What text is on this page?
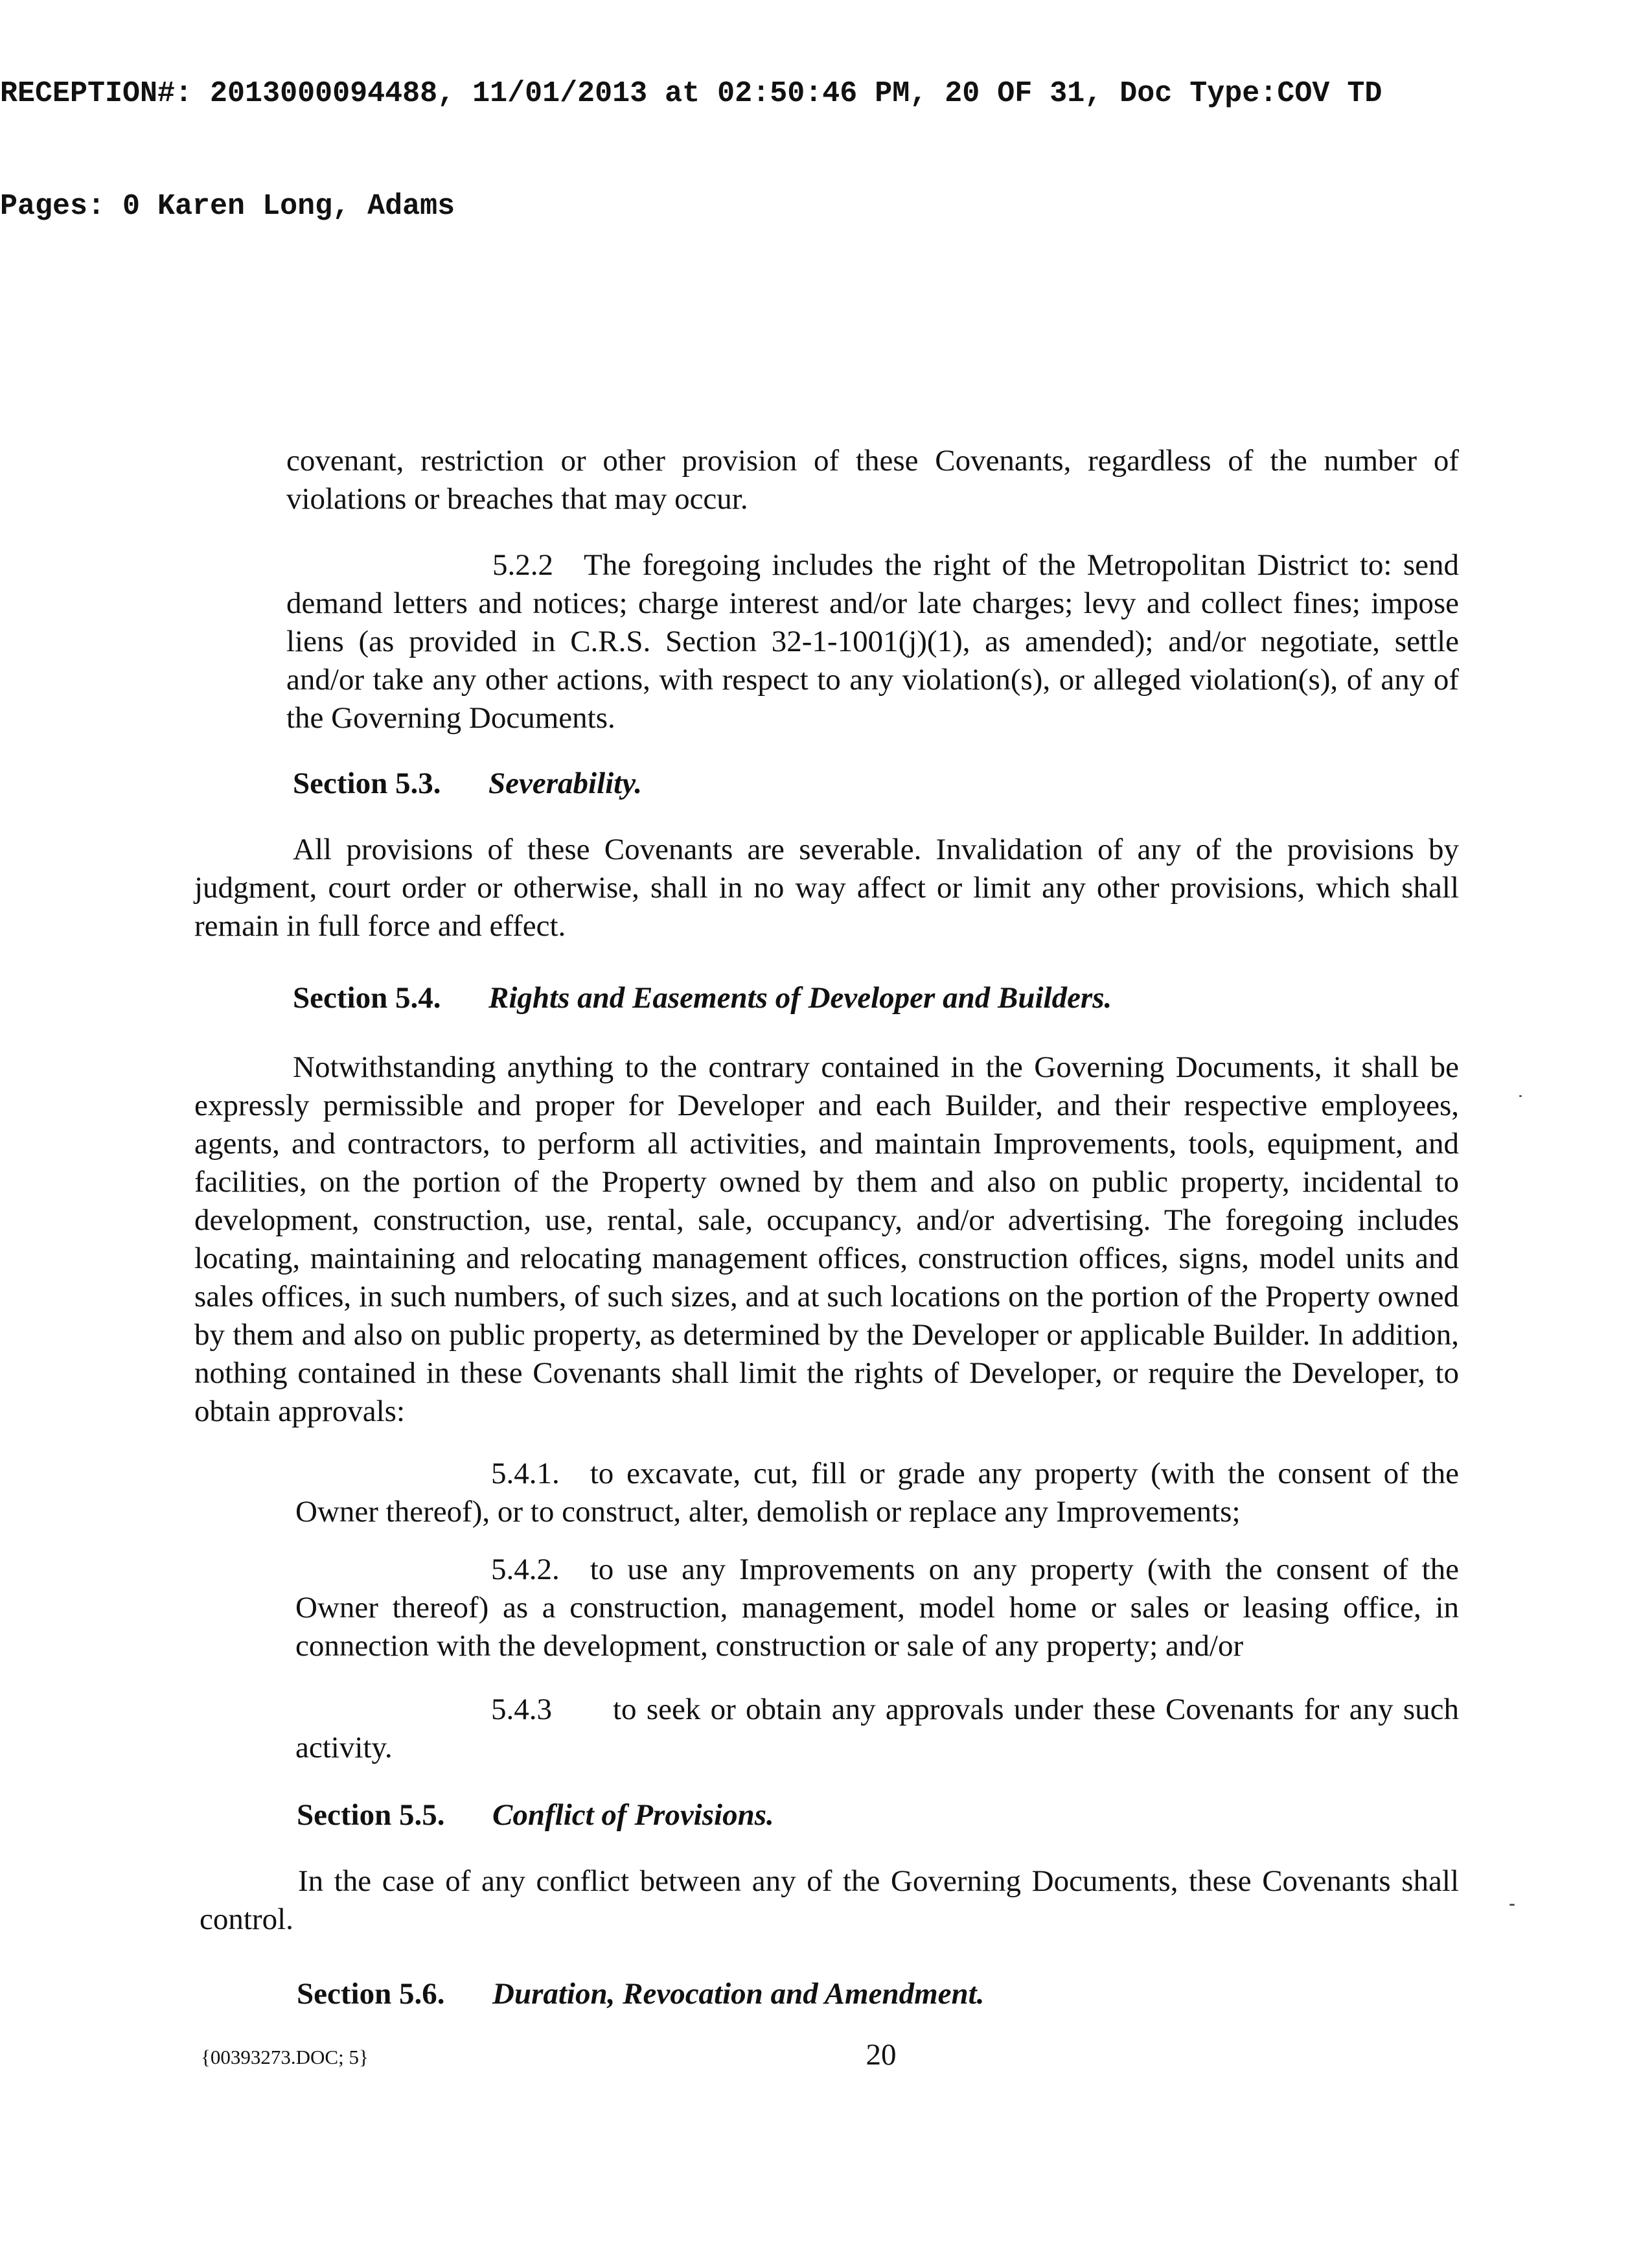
RECEPTION#: 2013000094488, 11/01/2013 at 02:50:46 PM, 20 OF 31, Doc Type:COV TD

Pages: 0 Karen Long, Adams

covenant, restriction or other provision of these Covenants, regardless of the number of violations or breaches that may occur.
5.2.2 The foregoing includes the right of the Metropolitan District to: send demand letters and notices; charge interest and/or late charges; levy and collect fines; impose liens (as provided in C.R.S. Section 32-1-1001(j)(1), as amended); and/or negotiate, settle and/or take any other actions, with respect to any violation(s), or alleged violation(s), of any of the Governing Documents.
Section 5.3. Severability.
All provisions of these Covenants are severable. Invalidation of any of the provisions by judgment, court order or otherwise, shall in no way affect or limit any other provisions, which shall remain in full force and effect.
Section 5.4. Rights and Easements of Developer and Builders.
Notwithstanding anything to the contrary contained in the Governing Documents, it shall be expressly permissible and proper for Developer and each Builder, and their respective employees, agents, and contractors, to perform all activities, and maintain Improvements, tools, equipment, and facilities, on the portion of the Property owned by them and also on public property, incidental to development, construction, use, rental, sale, occupancy, and/or advertising. The foregoing includes locating, maintaining and relocating management offices, construction offices, signs, model units and sales offices, in such numbers, of such sizes, and at such locations on the portion of the Property owned by them and also on public property, as determined by the Developer or applicable Builder. In addition, nothing contained in these Covenants shall limit the rights of Developer, or require the Developer, to obtain approvals:
5.4.1. to excavate, cut, fill or grade any property (with the consent of the Owner thereof), or to construct, alter, demolish or replace any Improvements;
5.4.2. to use any Improvements on any property (with the consent of the Owner thereof) as a construction, management, model home or sales or leasing office, in connection with the development, construction or sale of any property; and/or
5.4.3  to seek or obtain any approvals under these Covenants for any such activity.
Section 5.5. Conflict of Provisions.
In the case of any conflict between any of the Governing Documents, these Covenants shall control.
Section 5.6. Duration, Revocation and Amendment.
{00393273.DOC; 5}	20
